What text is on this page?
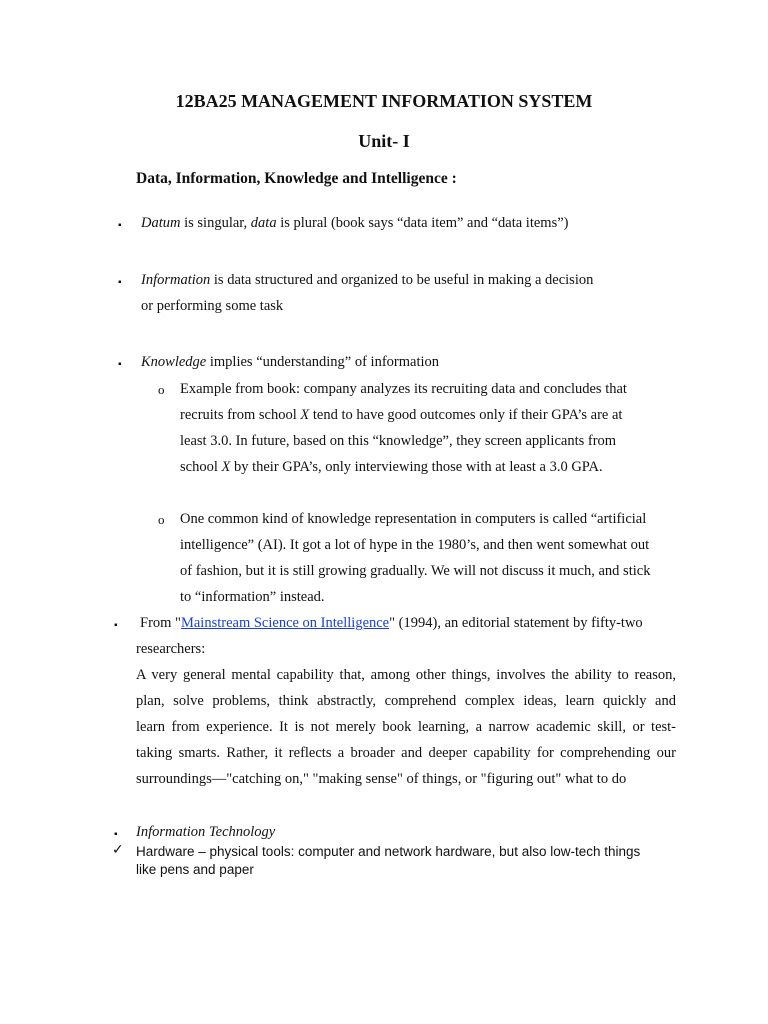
12BA25 MANAGEMENT INFORMATION SYSTEM
Unit- I
Data, Information, Knowledge and Intelligence :
▪ Datum is singular, data is plural (book says “data item” and “data items”)
▪ Information is data structured and organized to be useful in making a decision
or performing some task
▪ Knowledge implies “understanding” of information
o Example from book: company analyzes its recruiting data and concludes that
recruits from school X tend to have good outcomes only if their GPA’s are at
least 3.0. In future, based on this “knowledge”, they screen applicants from
school X by their GPA’s, only interviewing those with at least a 3.0 GPA.
o One common kind of knowledge representation in computers is called “artificial
intelligence” (AI). It got a lot of hype in the 1980’s, and then went somewhat out
of fashion, but it is still growing gradually. We will not discuss it much, and stick
to “information” instead.
▪ From "Mainstream Science on Intelligence" (1994), an editorial statement by fifty-two
researchers:
A very general mental capability that, among other things, involves the ability to reason,
plan, solve problems, think abstractly, comprehend complex ideas, learn quickly and
learn from experience. It is not merely book learning, a narrow academic skill, or test-
taking smarts. Rather, it reflects a broader and deeper capability for comprehending our
surroundings—"catching on," "making sense" of things, or "figuring out" what to do
▪ Information Technology
✓ Hardware – physical tools: computer and network hardware, but also low-tech things
like pens and paper
